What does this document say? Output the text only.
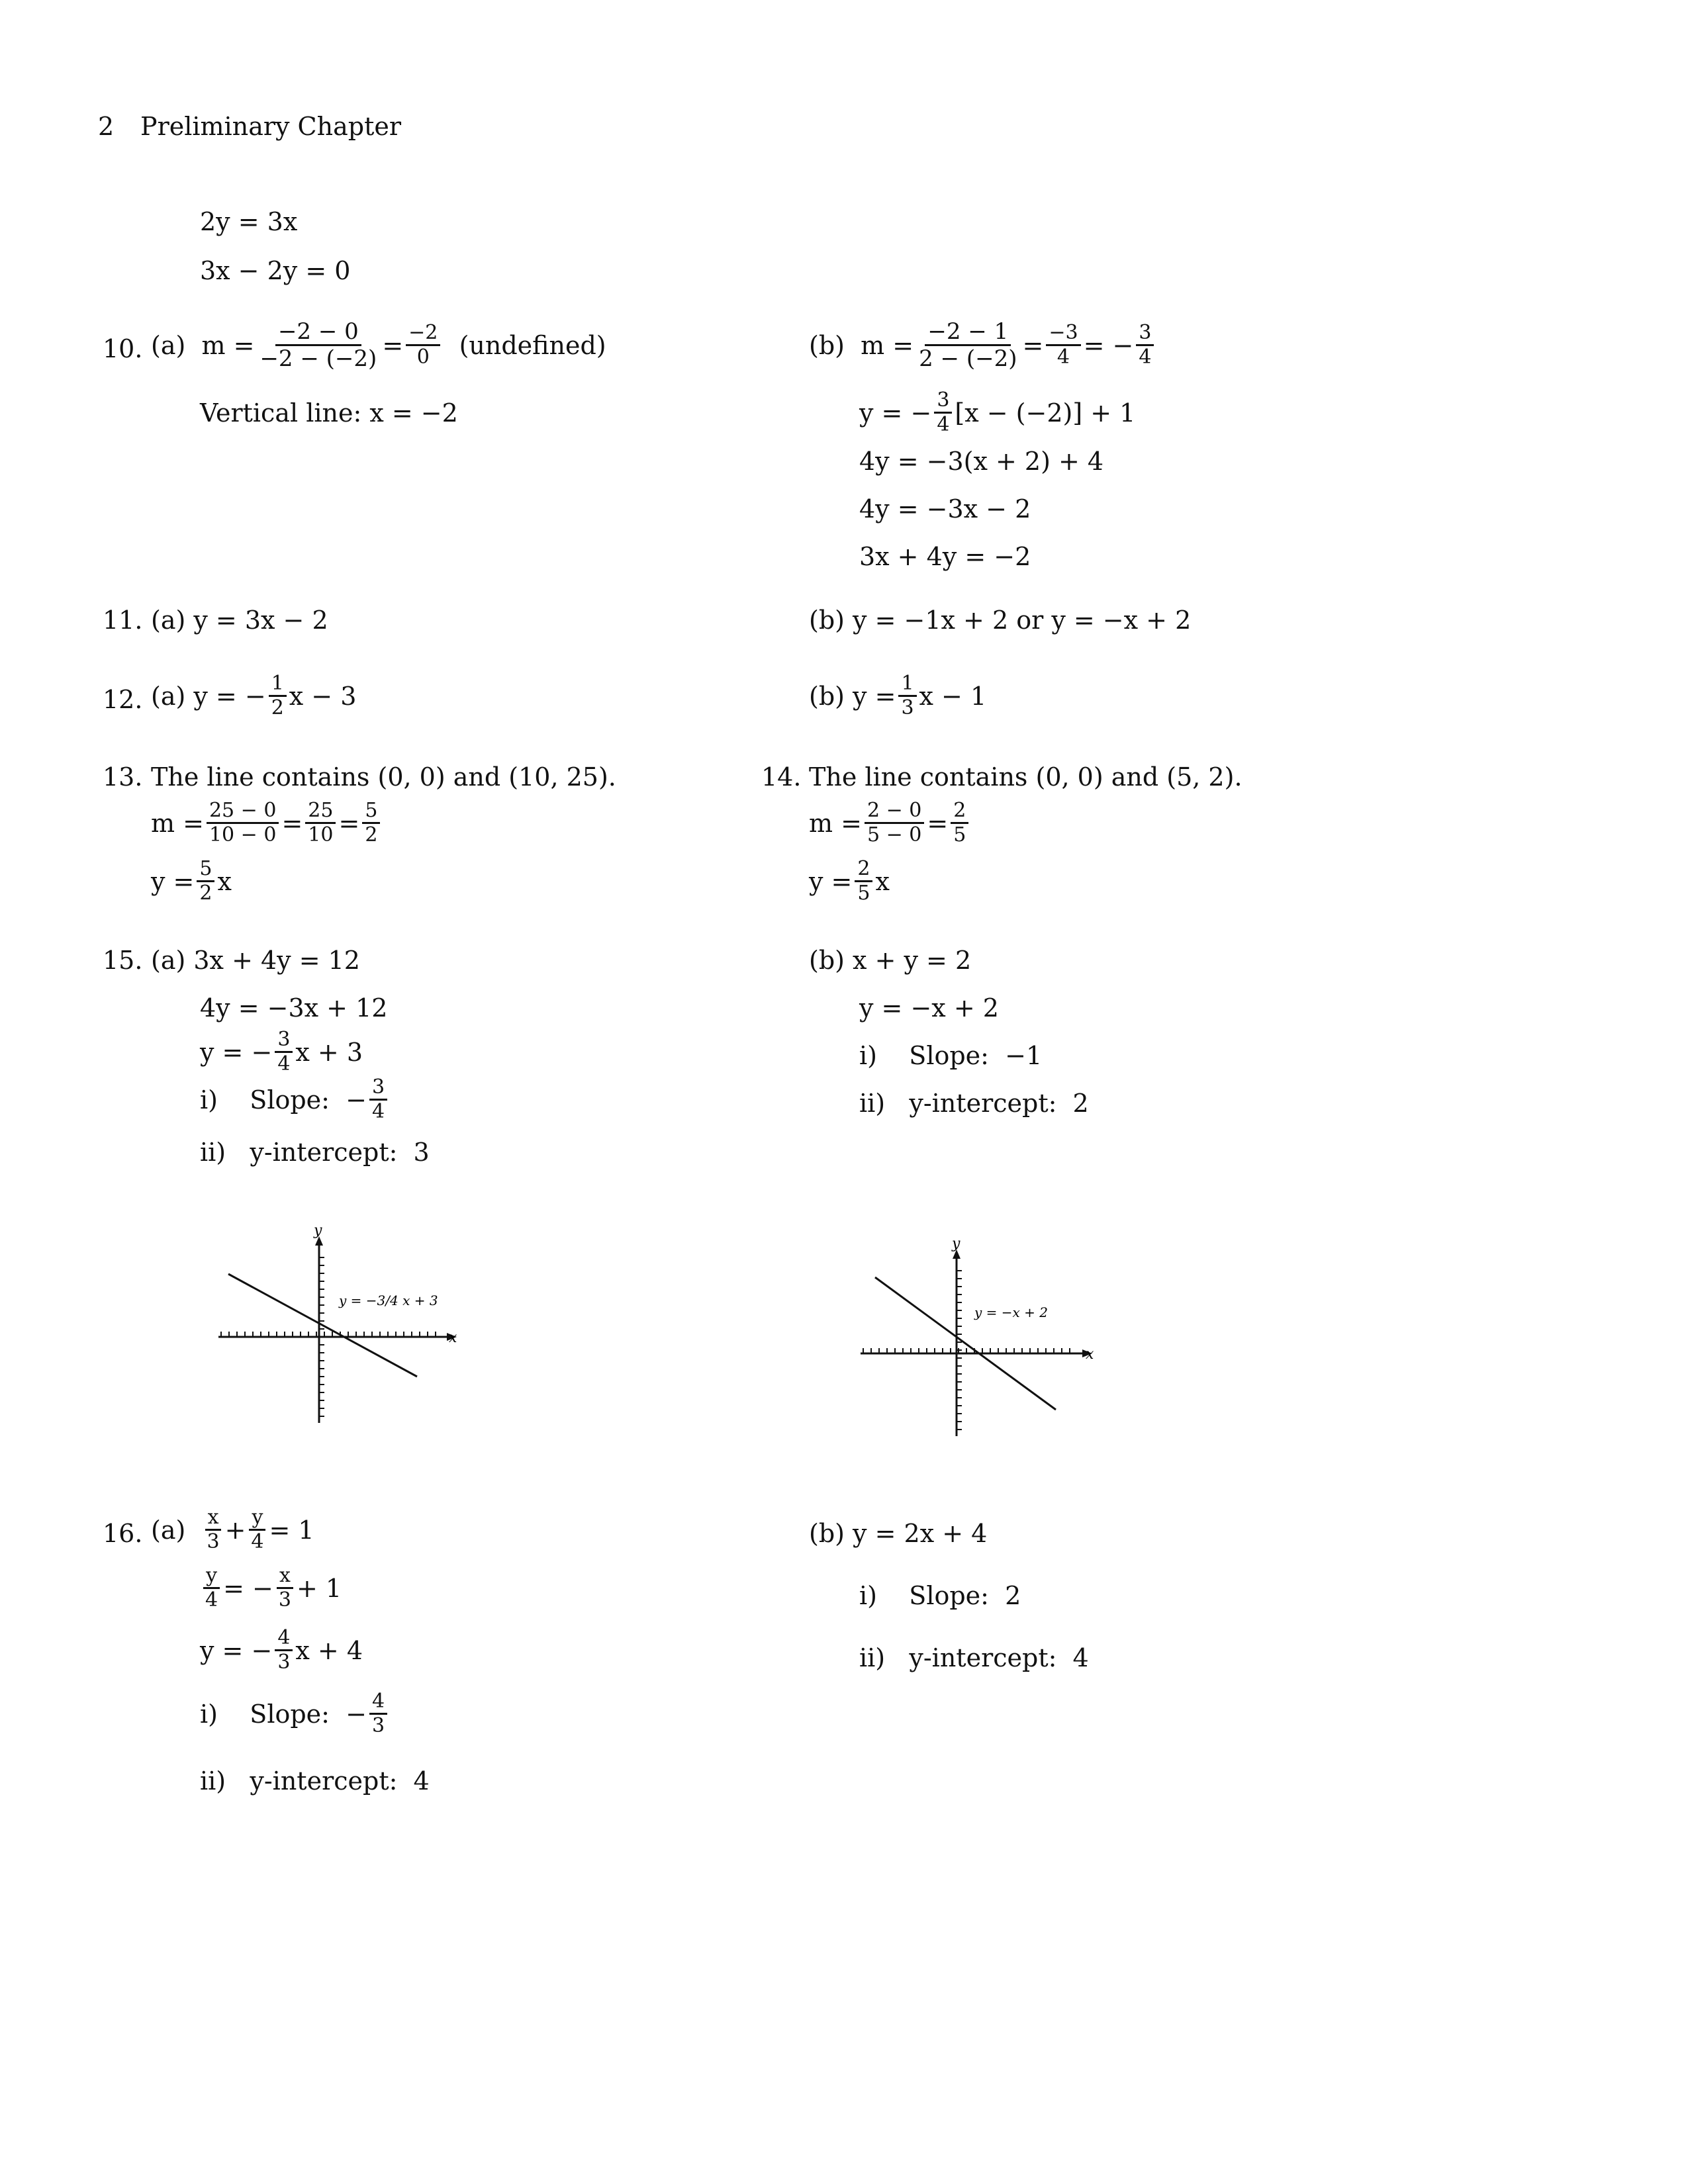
2 Preliminary Chapter
2y = 3x
3x − 2y = 0
10. (a)
$m = \frac{-2 - 0}{-2 - (-2)} = \frac{-2}{0}$
(undefined)
Vertical line: x = −2
(b)
$m = \frac{-2 - 1}{2 - (-2)} = \frac{-3}{4}$ = − $\frac{3}{4}$
y = − $\frac{3}{4} [x - (-2)] + 1$
4y = −3(x + 2) + 4
4y = −3x − 2
3x + 4y = −2
11. (a) y = 3x − 2	(b) y = −1x + 2 or y = −x + 2
12. (a) y = − $\frac{1}{2}$ x − 3	(b) $y = \frac{1}{3}$ x − 1
13. The line contains (0, 0) and (10, 25).
$m = \frac{25 - 0}{10 - 0} = \frac{25}{10} = \frac{5}{2}$
$y = \frac{5}{2}$ x
14. The line contains (0, 0) and (5, 2).
$m = \frac{2 - 0}{5 - 0} = \frac{2}{5}$
$y = \frac{2}{5}$ x
15. (a) 3x + 4y = 12
4y = −3x + 12
y = − $\frac{3}{4}$ x + 3
i)    Slope:  − $\frac{3}{4}$
ii)   y-intercept:  3
(b) x + y = 2
y = −x + 2
i)    Slope:  −1
ii)   y-intercept:  2
y = −3/4 x + 3
x
y
y = −x + 2
x
y
16. (a)
$\frac{x}{3} + \frac{y}{4} = 1$
$\frac{y}{4}$ = − $\frac{x}{3} + 1$
y = − $\frac{4}{3}$ x + 4
i)    Slope:  − $\frac{4}{3}$
ii)   y-intercept:  4
(b) y = 2x + 4
i)    Slope:  2
ii)   y-intercept:  4
